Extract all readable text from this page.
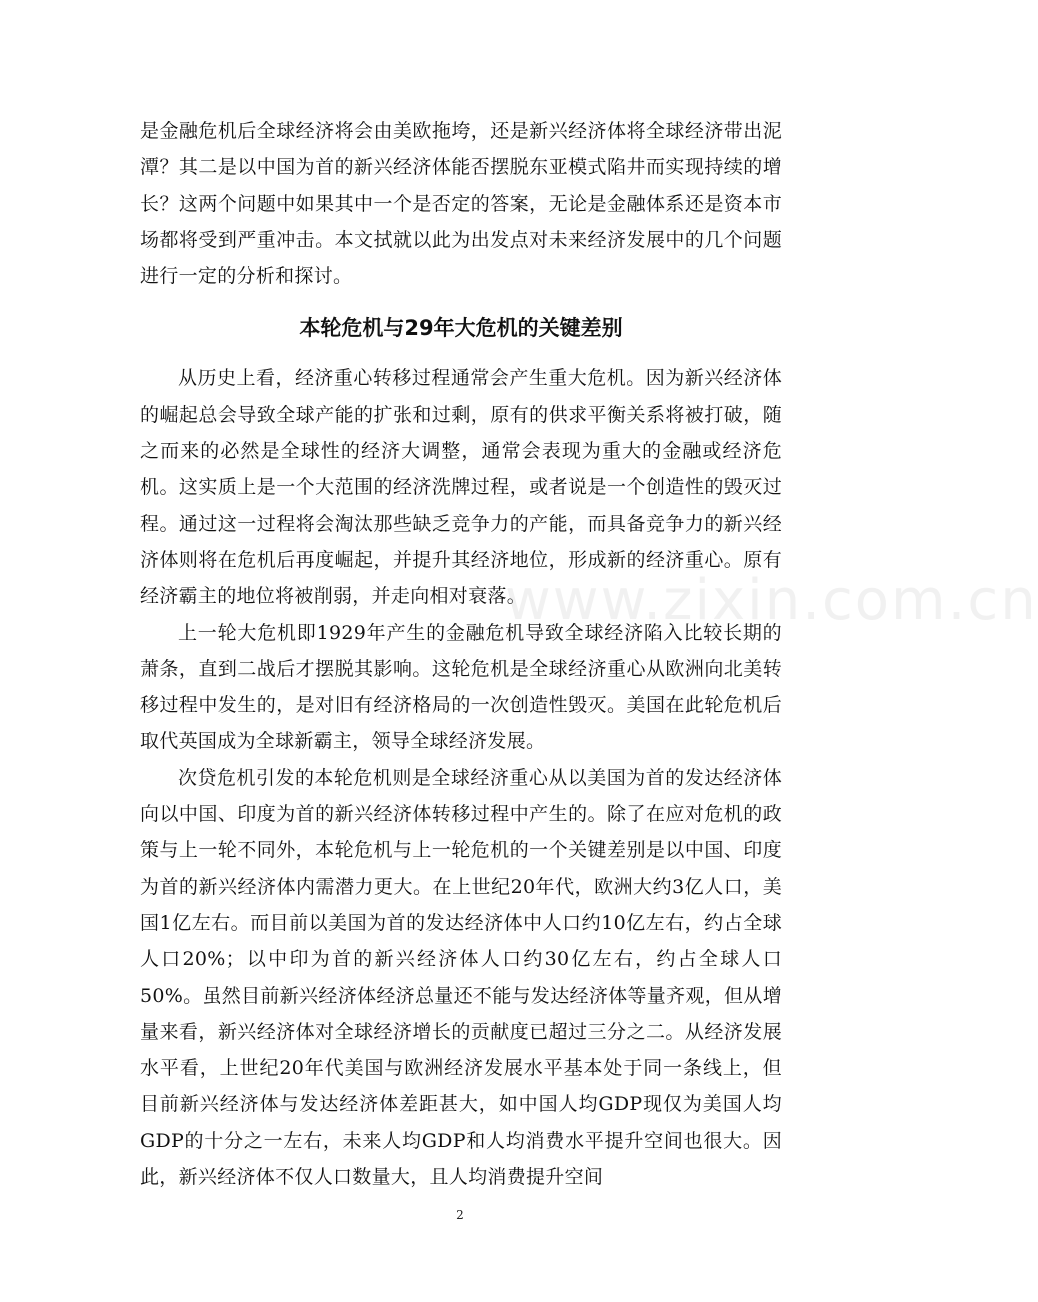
是金融危机后全球经济将会由美欧拖垮，还是新兴经济体将全球经济带出泥潭？其二是以中国为首的新兴经济体能否摆脱东亚模式陷井而实现持续的增长？这两个问题中如果其中一个是否定的答案，无论是金融体系还是资本市场都将受到严重冲击。本文拭就以此为出发点对未来经济发展中的几个问题进行一定的分析和探讨。

本轮危机与29年大危机的关键差别

从历史上看，经济重心转移过程通常会产生重大危机。因为新兴经济体的崛起总会导致全球产能的扩张和过剩，原有的供求平衡关系将被打破，随之而来的必然是全球性的经济大调整，通常会表现为重大的金融或经济危机。这实质上是一个大范围的经济洗牌过程，或者说是一个创造性的毁灭过程。通过这一过程将会淘汰那些缺乏竞争力的产能，而具备竞争力的新兴经济体则将在危机后再度崛起，并提升其经济地位，形成新的经济重心。原有经济霸主的地位将被削弱，并走向相对衰落。

上一轮大危机即1929年产生的金融危机导致全球经济陷入比较长期的萧条，直到二战后才摆脱其影响。这轮危机是全球经济重心从欧洲向北美转移过程中发生的，是对旧有经济格局的一次创造性毁灭。美国在此轮危机后取代英国成为全球新霸主，领导全球经济发展。

次贷危机引发的本轮危机则是全球经济重心从以美国为首的发达经济体向以中国、印度为首的新兴经济体转移过程中产生的。除了在应对危机的政策与上一轮不同外，本轮危机与上一轮危机的一个关键差别是以中国、印度为首的新兴经济体内需潜力更大。在上世纪20年代，欧洲大约3亿人口，美国1亿左右。而目前以美国为首的发达经济体中人口约10亿左右，约占全球人口20%；以中印为首的新兴经济体人口约30亿左右，约占全球人口50%。虽然目前新兴经济体经济总量还不能与发达经济体等量齐观，但从增量来看，新兴经济体对全球经济增长的贡献度已超过三分之二。从经济发展水平看，上世纪20年代美国与欧洲经济发展水平基本处于同一条线上，但目前新兴经济体与发达经济体差距甚大，如中国人均GDP现仅为美国人均GDP的十分之一左右，未来人均GDP和人均消费水平提升空间也很大。因此，新兴经济体不仅人口数量大，且人均消费提升空间

www.zixin.com.cn
2
